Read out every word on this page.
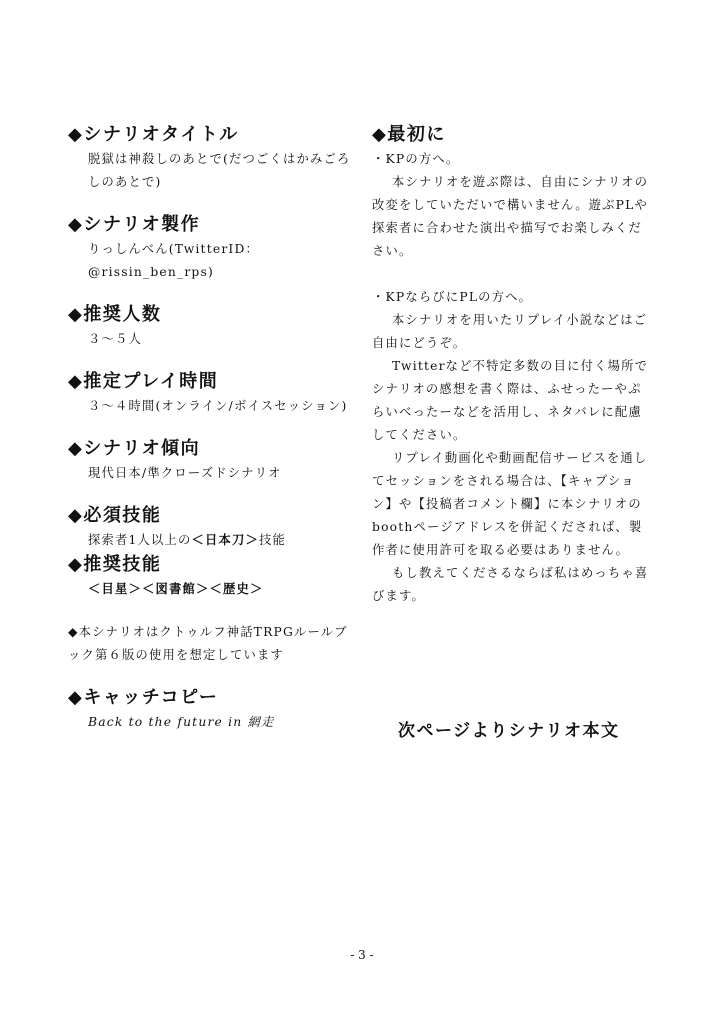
◆シナリオタイトル

脱獄は神殺しのあとで(だつごくはかみごろしのあとで)

◆シナリオ製作

りっしんべん(TwitterID：@rissin_ben_rps)

◆推奨人数

３～５人

◆推定プレイ時間

３～４時間(オンライン/ボイスセッション)

◆シナリオ傾向

現代日本/準クローズドシナリオ

◆必須技能

探索者1人以上の＜日本刀＞技能

◆推奨技能

＜目星＞＜図書館＞＜歴史＞

◆本シナリオはクトゥルフ神話TRPGルールブック第６版の使用を想定しています

◆キャッチコピー

Back to the future in 網走

◆最初に

・KPの方へ。

本シナリオを遊ぶ際は、自由にシナリオの改変をしていただいで構いません。遊ぶPLや探索者に合わせた演出や描写でお楽しみください。

・KPならびにPLの方へ。

本シナリオを用いたリプレイ小説などはご自由にどうぞ。

Twitterなど不特定多数の目に付く場所でシナリオの感想を書く際は、ふせったーやぷらいべったーなどを活用し、ネタバレに配慮してください。

リプレイ動画化や動画配信サービスを通してセッションをされる場合は、【キャプション】や【投稿者コメント欄】に本シナリオのboothページアドレスを併記くだされば、製作者に使用許可を取る必要はありません。

もし教えてくださるならば私はめっちゃ喜びます。

次ページよりシナリオ本文
- 3 -
